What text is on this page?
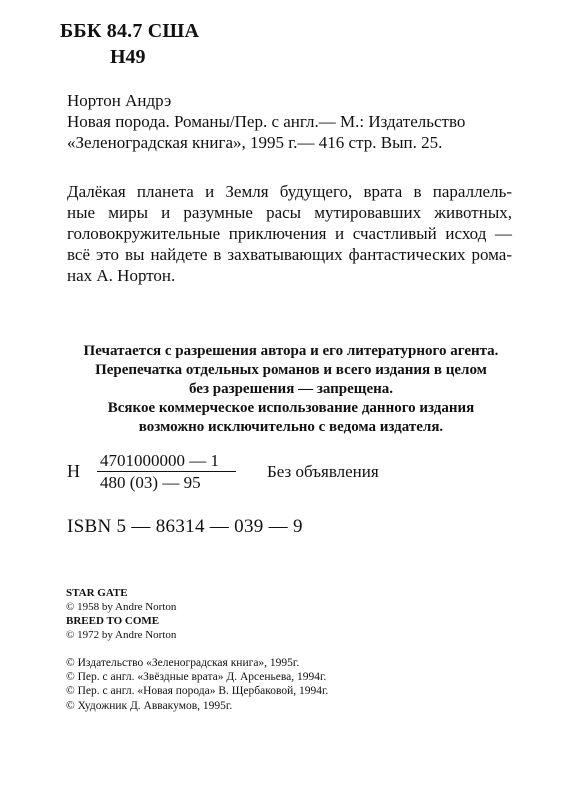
ББК 84.7 США
Н49
Нортон Андрэ
Новая порода. Романы/Пер. с англ.— М.: Издательство
«Зеленоградская книга», 1995 г.— 416 стр. Вып. 25.
Далёкая планета и Земля будущего, врата в параллель-
ные миры и разумные расы мутировавших животных,
головокружительные приключения и счастливый исход —
всё это вы найдете в захватывающих фантастических рома-
нах А. Нортон.
Печатается с разрешения автора и его литературного агента.
Перепечатка отдельных романов и всего издания в целом
без разрешения — запрещена.
Всякое коммерческое использование данного издания
возможно исключительно с ведома издателя.
Н
4701000000 — 1
480 (03) — 95
Без объявления
ISBN 5 — 86314 — 039 — 9
STAR GATE
© 1958 by Andre Norton
BREED TO COME
© 1972 by Andre Norton
© Издательство «Зеленоградская книга», 1995г.
© Пер. с англ. «Звёздные врата» Д. Арсеньева, 1994г.
© Пер. с англ. «Новая порода» В. Щербаковой, 1994г.
© Художник Д. Аввакумов, 1995г.
